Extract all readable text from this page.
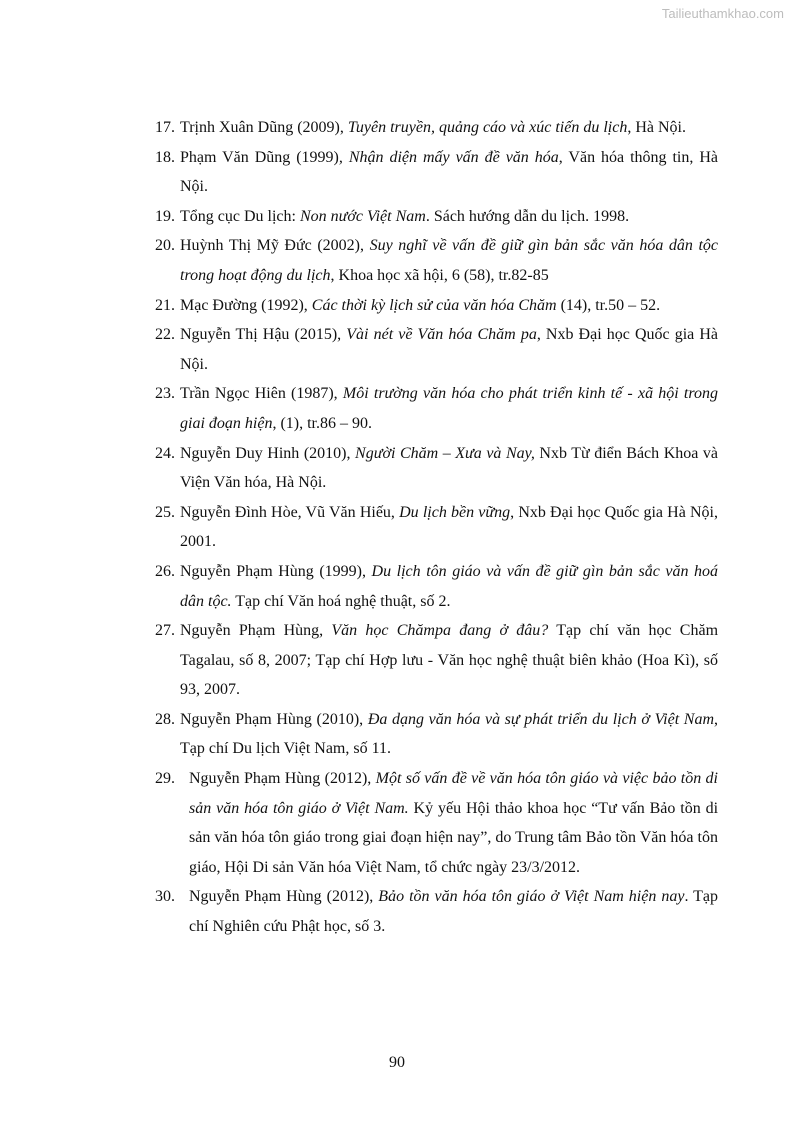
Tailieuthamkhao.com
17. Trịnh Xuân Dũng (2009), Tuyên truyền, quảng cáo và xúc tiến du lịch, Hà Nội.
18. Phạm Văn Dũng (1999), Nhận diện mấy vấn đề văn hóa, Văn hóa thông tin, Hà Nội.
19. Tổng cục Du lịch: Non nước Việt Nam. Sách hướng dẫn du lịch. 1998.
20. Huỳnh Thị Mỹ Đức (2002), Suy nghĩ về vấn đề giữ gìn bản sắc văn hóa dân tộc trong hoạt động du lịch, Khoa học xã hội, 6 (58), tr.82-85
21. Mạc Đường (1992), Các thời kỳ lịch sử của văn hóa Chăm (14), tr.50 – 52.
22. Nguyễn Thị Hậu (2015), Vài nét về Văn hóa Chăm pa, Nxb Đại học Quốc gia Hà Nội.
23. Trần Ngọc Hiên (1987), Môi trường văn hóa cho phát triển kinh tế - xã hội trong giai đoạn hiện, (1), tr.86 – 90.
24. Nguyễn Duy Hinh (2010), Người Chăm – Xưa và Nay, Nxb Từ điển Bách Khoa và Viện Văn hóa, Hà Nội.
25. Nguyễn Đình Hòe, Vũ Văn Hiếu, Du lịch bền vững, Nxb Đại học Quốc gia Hà Nội, 2001.
26. Nguyễn Phạm Hùng (1999), Du lịch tôn giáo và vấn đề giữ gìn bản sắc văn hoá dân tộc. Tạp chí Văn hoá nghệ thuật, số 2.
27. Nguyễn Phạm Hùng, Văn học Chămpa đang ở đâu? Tạp chí văn học Chăm Tagalau, số 8, 2007; Tạp chí Hợp lưu - Văn học nghệ thuật biên khảo (Hoa Kì), số 93, 2007.
28. Nguyễn Phạm Hùng (2010), Đa dạng văn hóa và sự phát triển du lịch ở Việt Nam, Tạp chí Du lịch Việt Nam, số 11.
29. Nguyễn Phạm Hùng (2012), Một số vấn đề về văn hóa tôn giáo và việc bảo tồn di sản văn hóa tôn giáo ở Việt Nam. Kỷ yếu Hội thảo khoa học “Tư vấn Bảo tồn di sản văn hóa tôn giáo trong giai đoạn hiện nay”, do Trung tâm Bảo tồn Văn hóa tôn giáo, Hội Di sản Văn hóa Việt Nam, tổ chức ngày 23/3/2012.
30. Nguyễn Phạm Hùng (2012), Bảo tồn văn hóa tôn giáo ở Việt Nam hiện nay. Tạp chí Nghiên cứu Phật học, số 3.
90
